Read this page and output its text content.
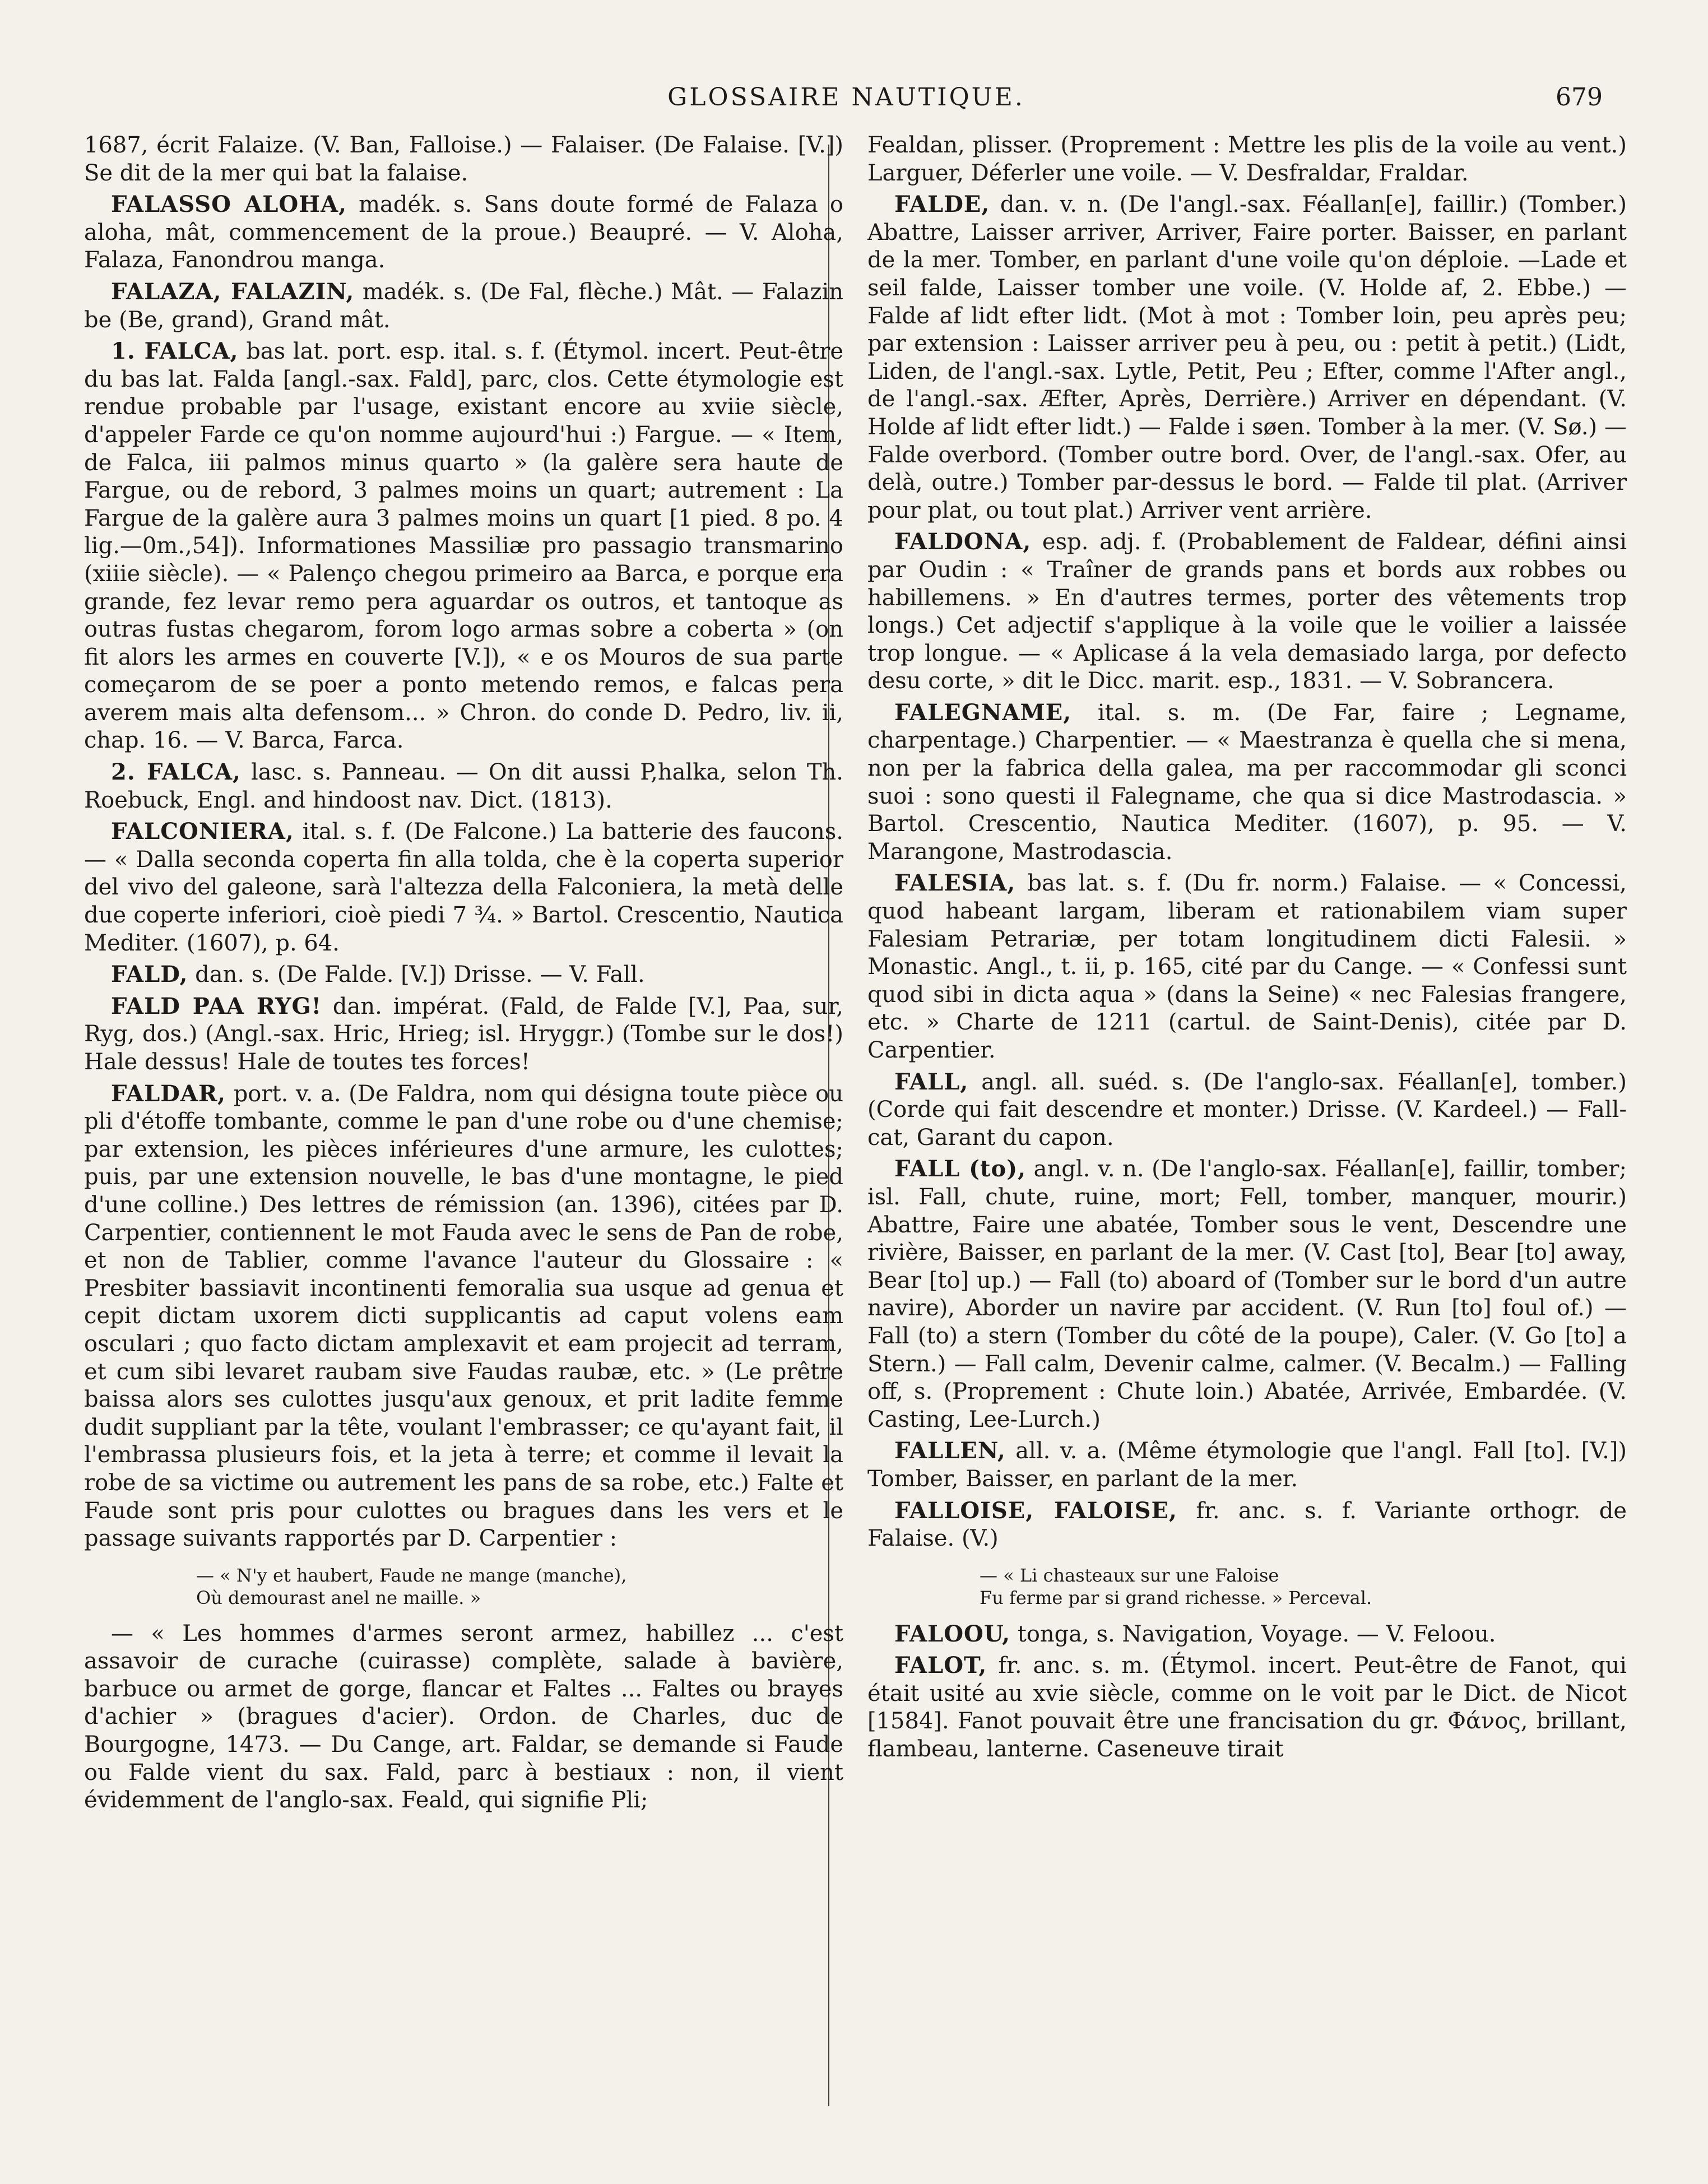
GLOSSAIRE NAUTIQUE.	679

1687, écrit Falaize. (V. Ban, Falloise.) — Falaiser. (De Falaise. [V.]) Se dit de la mer qui bat la falaise.

FALASSO ALOHA, madék. s. Sans doute formé de Falaza o aloha, mât, commencement de la proue.) Beaupré. — V. Aloha, Falaza, Fanondrou manga.

FALAZA, FALAZIN, madék. s. (De Fal, flèche.) Mât. — Falazin be (Be, grand), Grand mât.

1. FALCA, bas lat. port. esp. ital. s. f. (Étymol. incert. Peut-être du bas lat. Falda [angl.-sax. Fald], parc, clos. Cette étymologie est rendue probable par l'usage, existant encore au xviie siècle, d'appeler Farde ce qu'on nomme aujourd'hui :) Fargue. — « Item, de Falca, iii palmos minus quarto » (la galère sera haute de Fargue, ou de rebord, 3 palmes moins un quart; autrement : La Fargue de la galère aura 3 palmes moins un quart [1 pied. 8 po. 4 lig.—0m.,54]). Informationes Massiliæ pro passagio transmarino (xiiie siècle). — « Palenço chegou primeiro aa Barca, e porque era grande, fez levar remo pera aguardar os outros, et tantoque as outras fustas chegarom, forom logo armas sobre a coberta » (on fit alors les armes en couverte [V.]), « e os Mouros de sua parte começarom de se poer a ponto metendo remos, e falcas pera averem mais alta defensom... » Chron. do conde D. Pedro, liv. ii, chap. 16. — V. Barca, Farca.

2. FALCA, lasc. s. Panneau. — On dit aussi P,halka, selon Th. Roebuck, Engl. and hindoost nav. Dict. (1813).

FALCONIERA, ital. s. f. (De Falcone.) La batterie des faucons. — « Dalla seconda coperta fin alla tolda, che è la coperta superior del vivo del galeone, sarà l'altezza della Falconiera, la metà delle due coperte inferiori, cioè piedi 7 ¾. » Bartol. Crescentio, Nautica Mediter. (1607), p. 64.

FALD, dan. s. (De Falde. [V.]) Drisse. — V. Fall.

FALD PAA RYG! dan. impérat. (Fald, de Falde [V.], Paa, sur, Ryg, dos.) (Angl.-sax. Hric, Hrieg; isl. Hryggr.) (Tombe sur le dos!) Hale dessus! Hale de toutes tes forces!

FALDAR, port. v. a. (De Faldra, nom qui désigna toute pièce ou pli d'étoffe tombante, comme le pan d'une robe ou d'une chemise; par extension, les pièces inférieures d'une armure, les culottes; puis, par une extension nouvelle, le bas d'une montagne, le pied d'une colline.) Des lettres de rémission (an. 1396), citées par D. Carpentier, contiennent le mot Fauda avec le sens de Pan de robe, et non de Tablier, comme l'avance l'auteur du Glossaire : « Presbiter bassiavit incontinenti femoralia sua usque ad genua et cepit dictam uxorem dicti supplicantis ad caput volens eam osculari ; quo facto dictam amplexavit et eam projecit ad terram, et cum sibi levaret raubam sive Faudas raubæ, etc. » (Le prêtre baissa alors ses culottes jusqu'aux genoux, et prit ladite femme dudit suppliant par la tête, voulant l'embrasser; ce qu'ayant fait, il l'embrassa plusieurs fois, et la jeta à terre; et comme il levait la robe de sa victime ou autrement les pans de sa robe, etc.) Falte et Faude sont pris pour culottes ou bragues dans les vers et le passage suivants rapportés par D. Carpentier :

— « N'y et haubert, Faude ne mange (manche),
Où demourast anel ne maille. »

— « Les hommes d'armes seront armez, habillez ... c'est assavoir de curache (cuirasse) complète, salade à bavière, barbuce ou armet de gorge, flancar et Faltes ... Faltes ou brayes d'achier » (bragues d'acier). Ordon. de Charles, duc de Bourgogne, 1473. — Du Cange, art. Faldar, se demande si Faude ou Falde vient du sax. Fald, parc à bestiaux : non, il vient évidemment de l'anglo-sax. Feald, qui signifie Pli;

Fealdan, plisser. (Proprement : Mettre les plis de la voile au vent.) Larguer, Déferler une voile. — V. Desfraldar, Fraldar.

FALDE, dan. v. n. (De l'angl.-sax. Féallan[e], faillir.) (Tomber.) Abattre, Laisser arriver, Arriver, Faire porter. Baisser, en parlant de la mer. Tomber, en parlant d'une voile qu'on déploie. —Lade et seil falde, Laisser tomber une voile. (V. Holde af, 2. Ebbe.) — Falde af lidt efter lidt. (Mot à mot : Tomber loin, peu après peu; par extension : Laisser arriver peu à peu, ou : petit à petit.) (Lidt, Liden, de l'angl.-sax. Lytle, Petit, Peu ; Efter, comme l'After angl., de l'angl.-sax. Æfter, Après, Derrière.) Arriver en dépendant. (V. Holde af lidt efter lidt.) — Falde i søen. Tomber à la mer. (V. Sø.) — Falde overbord. (Tomber outre bord. Over, de l'angl.-sax. Ofer, au delà, outre.) Tomber par-dessus le bord. — Falde til plat. (Arriver pour plat, ou tout plat.) Arriver vent arrière.

FALDONA, esp. adj. f. (Probablement de Faldear, défini ainsi par Oudin : « Traîner de grands pans et bords aux robbes ou habillemens. » En d'autres termes, porter des vêtements trop longs.) Cet adjectif s'applique à la voile que le voilier a laissée trop longue. — « Aplicase á la vela demasiado larga, por defecto desu corte, » dit le Dicc. marit. esp., 1831. — V. Sobrancera.

FALEGNAME, ital. s. m. (De Far, faire ; Legname, charpentage.) Charpentier. — « Maestranza è quella che si mena, non per la fabrica della galea, ma per raccommodar gli sconci suoi : sono questi il Falegname, che qua si dice Mastrodascia. » Bartol. Crescentio, Nautica Mediter. (1607), p. 95. — V. Marangone, Mastrodascia.

FALESIA, bas lat. s. f. (Du fr. norm.) Falaise. — « Concessi, quod habeant largam, liberam et rationabilem viam super Falesiam Petrariæ, per totam longitudinem dicti Falesii. » Monastic. Angl., t. ii, p. 165, cité par du Cange. — « Confessi sunt quod sibi in dicta aqua » (dans la Seine) « nec Falesias frangere, etc. » Charte de 1211 (cartul. de Saint-Denis), citée par D. Carpentier.

FALL, angl. all. suéd. s. (De l'anglo-sax. Féallan[e], tomber.) (Corde qui fait descendre et monter.) Drisse. (V. Kardeel.) — Fall-cat, Garant du capon.

FALL (to), angl. v. n. (De l'anglo-sax. Féallan[e], faillir, tomber; isl. Fall, chute, ruine, mort; Fell, tomber, manquer, mourir.) Abattre, Faire une abatée, Tomber sous le vent, Descendre une rivière, Baisser, en parlant de la mer. (V. Cast [to], Bear [to] away, Bear [to] up.) — Fall (to) aboard of (Tomber sur le bord d'un autre navire), Aborder un navire par accident. (V. Run [to] foul of.) — Fall (to) a stern (Tomber du côté de la poupe), Caler. (V. Go [to] a Stern.) — Fall calm, Devenir calme, calmer. (V. Becalm.) — Falling off, s. (Proprement : Chute loin.) Abatée, Arrivée, Embardée. (V. Casting, Lee-Lurch.)

FALLEN, all. v. a. (Même étymologie que l'angl. Fall [to]. [V.]) Tomber, Baisser, en parlant de la mer.

FALLOISE, FALOISE, fr. anc. s. f. Variante orthogr. de Falaise. (V.)

— « Li chasteaux sur une Faloise
Fu ferme par si grand richesse. » Perceval.

FALOOU, tonga, s. Navigation, Voyage. — V. Feloou.

FALOT, fr. anc. s. m. (Étymol. incert. Peut-être de Fanot, qui était usité au xvie siècle, comme on le voit par le Dict. de Nicot [1584]. Fanot pouvait être une francisation du gr. Φάνος, brillant, flambeau, lanterne. Caseneuve tirait
